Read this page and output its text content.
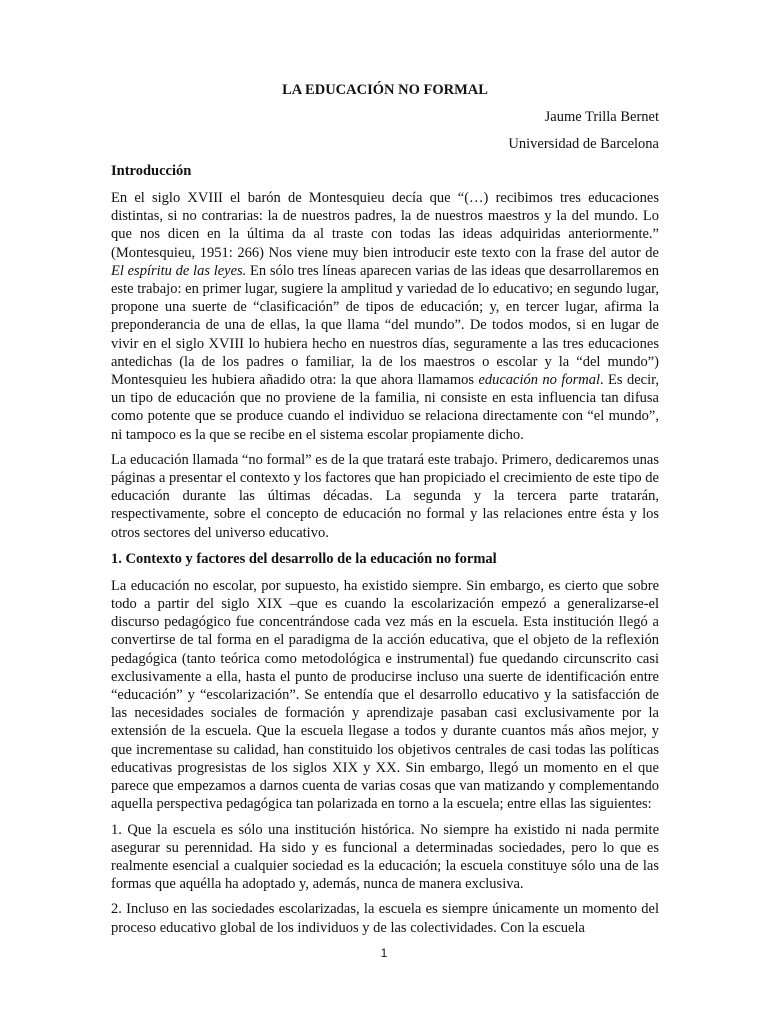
LA EDUCACIÓN NO FORMAL
Jaume Trilla Bernet
Universidad de Barcelona
Introducción

En el siglo XVIII el barón de Montesquieu decía que “(…) recibimos tres educaciones distintas, si no contrarias: la de nuestros padres, la de nuestros maestros y la del mundo. Lo que nos dicen en la última da al traste con todas las ideas adquiridas anteriormente.” (Montesquieu, 1951: 266) Nos viene muy bien introducir este texto con la frase del autor de El espíritu de las leyes. En sólo tres líneas aparecen varias de las ideas que desarrollaremos en este trabajo: en primer lugar, sugiere la amplitud y variedad de lo educativo; en segundo lugar, propone una suerte de “clasificación” de tipos de educación; y, en tercer lugar, afirma la preponderancia de una de ellas, la que llama “del mundo”. De todos modos, si en lugar de vivir en el siglo XVIII lo hubiera hecho en nuestros días, seguramente a las tres educaciones antedichas (la de los padres o familiar, la de los maestros o escolar y la “del mundo”) Montesquieu les hubiera añadido otra: la que ahora llamamos educación no formal. Es decir, un tipo de educación que no proviene de la familia, ni consiste en esta influencia tan difusa como potente que se produce cuando el individuo se relaciona directamente con “el mundo”, ni tampoco es la que se recibe en el sistema escolar propiamente dicho.

La educación llamada “no formal” es de la que tratará este trabajo. Primero, dedicaremos unas páginas a presentar el contexto y los factores que han propiciado el crecimiento de este tipo de educación durante las últimas décadas. La segunda y la tercera parte tratarán, respectivamente, sobre el concepto de educación no formal y las relaciones entre ésta y los otros sectores del universo educativo.

1. Contexto y factores del desarrollo de la educación no formal

La educación no escolar, por supuesto, ha existido siempre. Sin embargo, es cierto que sobre todo a partir del siglo XIX –que es cuando la escolarización empezó a generalizarse-el discurso pedagógico fue concentrándose cada vez más en la escuela. Esta institución llegó a convertirse de tal forma en el paradigma de la acción educativa, que el objeto de la reflexión pedagógica (tanto teórica como metodológica e instrumental) fue quedando circunscrito casi exclusivamente a ella, hasta el punto de producirse incluso una suerte de identificación entre “educación” y “escolarización”. Se entendía que el desarrollo educativo y la satisfacción de las necesidades sociales de formación y aprendizaje pasaban casi exclusivamente por la extensión de la escuela. Que la escuela llegase a todos y durante cuantos más años mejor, y que incrementase su calidad, han constituido los objetivos centrales de casi todas las políticas educativas progresistas de los siglos XIX y XX. Sin embargo, llegó un momento en el que parece que empezamos a darnos cuenta de varias cosas que van matizando y complementando aquella perspectiva pedagógica tan polarizada en torno a la escuela; entre ellas las siguientes:

1. Que la escuela es sólo una institución histórica. No siempre ha existido ni nada permite asegurar su perennidad. Ha sido y es funcional a determinadas sociedades, pero lo que es realmente esencial a cualquier sociedad es la educación; la escuela constituye sólo una de las formas que aquélla ha adoptado y, además, nunca de manera exclusiva.

2. Incluso en las sociedades escolarizadas, la escuela es siempre únicamente un momento del proceso educativo global de los individuos y de las colectividades. Con la escuela

1
